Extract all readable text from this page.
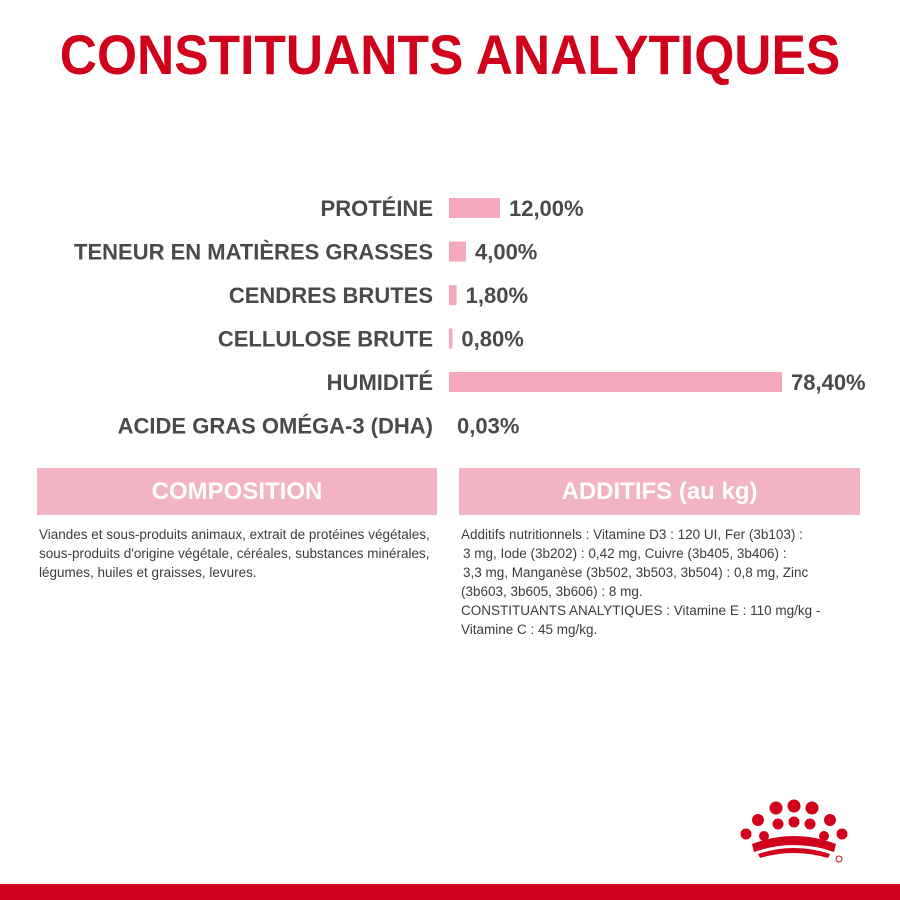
CONSTITUANTS ANALYTIQUES
PROTÉINE	12,00%
TENEUR EN MATIÈRES GRASSES 4,00%
CENDRES BRUTES 1,80%
CELLULOSE BRUTE 0,80%
HUMIDITÉ	78,40%
ACIDE GRAS OMÉGA-3 (DHA) 0,03%
COMPOSITION	ADDITIFS (au kg)
Viandes et sous-produits animaux, extrait de protéines végétales, sous-produits d'origine végétale, céréales, substances minérales, légumes, huiles et graisses, levures.
Additifs nutritionnels : Vitamine D3 : 120 UI, Fer (3b103) :
3 mg, Iode (3b202) : 0,42 mg, Cuivre (3b405, 3b406) :
3,3 mg, Manganèse (3b502, 3b503, 3b504) : 0,8 mg, Zinc
(3b603, 3b605, 3b606) : 8 mg.
CONSTITUANTS ANALYTIQUES : Vitamine E : 110 mg/kg -
Vitamine C : 45 mg/kg.
